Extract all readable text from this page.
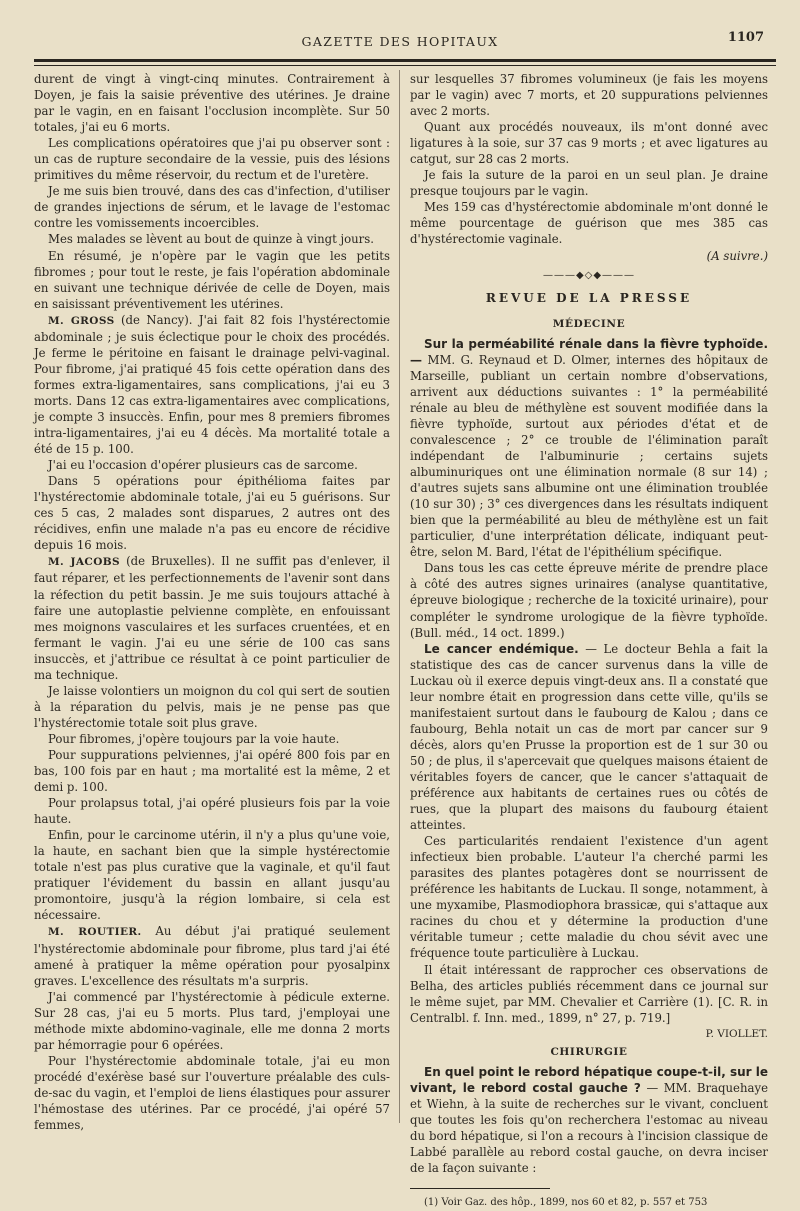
GAZETTE DES HOPITAUX	1107

durent de vingt à vingt-cinq minutes. Contrairement à Doyen, je fais la saisie préventive des utérines. Je draine par le vagin, en en faisant l'occlusion incomplète. Sur 50 totales, j'ai eu 6 morts.

Les complications opératoires que j'ai pu observer sont : un cas de rupture secondaire de la vessie, puis des lésions primitives du même réservoir, du rectum et de l'uretère.

Je me suis bien trouvé, dans des cas d'infection, d'utiliser de grandes injections de sérum, et le lavage de l'estomac contre les vomissements incoercibles.

Mes malades se lèvent au bout de quinze à vingt jours.

En résumé, je n'opère par le vagin que les petits fibromes ; pour tout le reste, je fais l'opération abdominale en suivant une technique dérivée de celle de Doyen, mais en saisissant préventivement les utérines.

M. GROSS (de Nancy). J'ai fait 82 fois l'hystérectomie abdominale ; je suis éclectique pour le choix des procédés. Je ferme le péritoine en faisant le drainage pelvi-vaginal. Pour fibrome, j'ai pratiqué 45 fois cette opération dans des formes extra-ligamentaires, sans complications, j'ai eu 3 morts. Dans 12 cas extra-ligamentaires avec complications, je compte 3 insuccès. Enfin, pour mes 8 premiers fibromes intra-ligamentaires, j'ai eu 4 décès. Ma mortalité totale a été de 15 p. 100.

J'ai eu l'occasion d'opérer plusieurs cas de sarcome.

Dans 5 opérations pour épithélioma faites par l'hystérectomie abdominale totale, j'ai eu 5 guérisons. Sur ces 5 cas, 2 malades sont disparues, 2 autres ont des récidives, enfin une malade n'a pas eu encore de récidive depuis 16 mois.

M. JACOBS (de Bruxelles). Il ne suffit pas d'enlever, il faut réparer, et les perfectionnements de l'avenir sont dans la réfection du petit bassin. Je me suis toujours attaché à faire une autoplastie pelvienne complète, en enfouissant mes moignons vasculaires et les surfaces cruentées, et en fermant le vagin. J'ai eu une série de 100 cas sans insuccès, et j'attribue ce résultat à ce point particulier de ma technique.

Je laisse volontiers un moignon du col qui sert de soutien à la réparation du pelvis, mais je ne pense pas que l'hystérectomie totale soit plus grave.

Pour fibromes, j'opère toujours par la voie haute.

Pour suppurations pelviennes, j'ai opéré 800 fois par en bas, 100 fois par en haut ; ma mortalité est la même, 2 et demi p. 100.

Pour prolapsus total, j'ai opéré plusieurs fois par la voie haute.

Enfin, pour le carcinome utérin, il n'y a plus qu'une voie, la haute, en sachant bien que la simple hystérectomie totale n'est pas plus curative que la vaginale, et qu'il faut pratiquer l'évidement du bassin en allant jusqu'au promontoire, jusqu'à la région lombaire, si cela est nécessaire.

M. ROUTIER. Au début j'ai pratiqué seulement l'hystérectomie abdominale pour fibrome, plus tard j'ai été amené à pratiquer la même opération pour pyosalpinx graves. L'excellence des résultats m'a surpris.

J'ai commencé par l'hystérectomie à pédicule externe. Sur 28 cas, j'ai eu 5 morts. Plus tard, j'employai une méthode mixte abdomino-vaginale, elle me donna 2 morts par hémorragie pour 6 opérées.

Pour l'hystérectomie abdominale totale, j'ai eu mon procédé d'exérèse basé sur l'ouverture préalable des culs-de-sac du vagin, et l'emploi de liens élastiques pour assurer l'hémostase des utérines. Par ce procédé, j'ai opéré 57 femmes,

sur lesquelles 37 fibromes volumineux (je fais les moyens par le vagin) avec 7 morts, et 20 suppurations pelviennes avec 2 morts.

Quant aux procédés nouveaux, ils m'ont donné avec ligatures à la soie, sur 37 cas 9 morts ; et avec ligatures au catgut, sur 28 cas 2 morts.

Je fais la suture de la paroi en un seul plan. Je draine presque toujours par le vagin.

Mes 159 cas d'hystérectomie abdominale m'ont donné le même pourcentage de guérison que mes 385 cas d'hystérectomie vaginale.

(A suivre.)
———◆◇◆———
REVUE DE LA PRESSE
MÉDECINE

Sur la perméabilité rénale dans la fièvre typhoïde. — MM. G. Reynaud et D. Olmer, internes des hôpitaux de Marseille, publiant un certain nombre d'observations, arrivent aux déductions suivantes : 1° la perméabilité rénale au bleu de méthylène est souvent modifiée dans la fièvre typhoïde, surtout aux périodes d'état et de convalescence ; 2° ce trouble de l'élimination paraît indépendant de l'albuminurie ; certains sujets albuminuriques ont une élimination normale (8 sur 14) ; d'autres sujets sans albumine ont une élimination troublée (10 sur 30) ; 3° ces divergences dans les résultats indiquent bien que la perméabilité au bleu de méthylène est un fait particulier, d'une interprétation délicate, indiquant peut-être, selon M. Bard, l'état de l'épithélium spécifique.

Dans tous les cas cette épreuve mérite de prendre place à côté des autres signes urinaires (analyse quantitative, épreuve biologique ; recherche de la toxicité urinaire), pour compléter le syndrome urologique de la fièvre typhoïde. (Bull. méd., 14 oct. 1899.)

Le cancer endémique. — Le docteur Behla a fait la statistique des cas de cancer survenus dans la ville de Luckau où il exerce depuis vingt-deux ans. Il a constaté que leur nombre était en progression dans cette ville, qu'ils se manifestaient surtout dans le faubourg de Kalou ; dans ce faubourg, Behla notait un cas de mort par cancer sur 9 décès, alors qu'en Prusse la proportion est de 1 sur 30 ou 50 ; de plus, il s'apercevait que quelques maisons étaient de véritables foyers de cancer, que le cancer s'attaquait de préférence aux habitants de certaines rues ou côtés de rues, que la plupart des maisons du faubourg étaient atteintes.

Ces particularités rendaient l'existence d'un agent infectieux bien probable. L'auteur l'a cherché parmi les parasites des plantes potagères dont se nourrissent de préférence les habitants de Luckau. Il songe, notamment, à une myxamibe, Plasmodiophora brassicæ, qui s'attaque aux racines du chou et y détermine la production d'une véritable tumeur ; cette maladie du chou sévit avec une fréquence toute particulière à Luckau.

Il était intéressant de rapprocher ces observations de Belha, des articles publiés récemment dans ce journal sur le même sujet, par MM. Chevalier et Carrière (1). [C. R. in Centralbl. f. Inn. med., 1899, n° 27, p. 719.]

P. VIOLLET.
CHIRURGIE

En quel point le rebord hépatique coupe-t-il, sur le vivant, le rebord costal gauche ? — MM. Braquehaye et Wiehn, à la suite de recherches sur le vivant, concluent que toutes les fois qu'on recherchera l'estomac au niveau du bord hépatique, si l'on a recours à l'incision classique de Labbé parallèle au rebord costal gauche, on devra inciser de la façon suivante :

(1) Voir Gaz. des hôp., 1899, nos 60 et 82, p. 557 et 753
